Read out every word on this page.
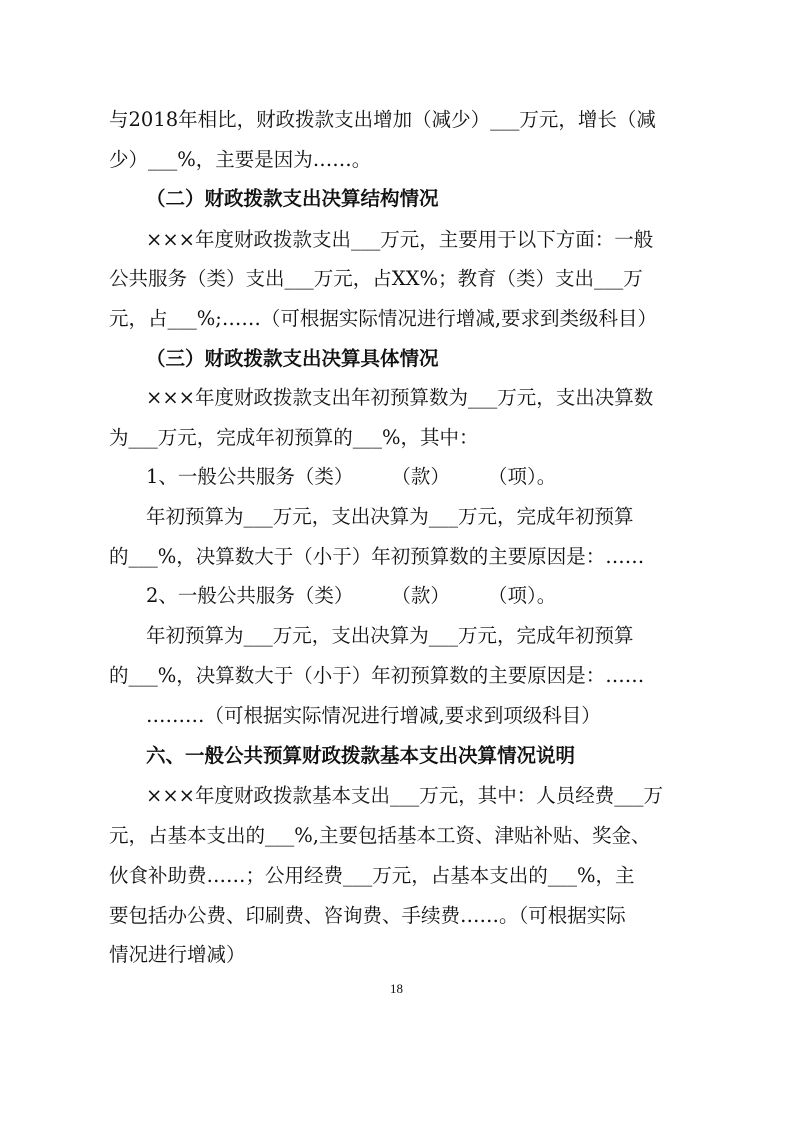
与2018年相比，财政拨款支出增加（减少）___万元，增长（减
少）___%，主要是因为……。
（二）财政拨款支出决算结构情况
×××年度财政拨款支出___万元，主要用于以下方面：一般
公共服务（类）支出___万元，占XX%；教育（类）支出___万
元，占___%;……（可根据实际情况进行增减,要求到类级科目）
（三）财政拨款支出决算具体情况
×××年度财政拨款支出年初预算数为___万元，支出决算数
为___万元，完成年初预算的___%，其中：
1、一般公共服务（类） （款） （项）。
年初预算为___万元，支出决算为___万元，完成年初预算
的___%，决算数大于（小于）年初预算数的主要原因是：……
2、一般公共服务（类） （款） （项）。
年初预算为___万元，支出决算为___万元，完成年初预算
的___%，决算数大于（小于）年初预算数的主要原因是：……
………（可根据实际情况进行增减,要求到项级科目）
六、一般公共预算财政拨款基本支出决算情况说明
×××年度财政拨款基本支出___万元，其中：人员经费___万
元，占基本支出的___%,主要包括基本工资、津贴补贴、奖金、
伙食补助费……；公用经费___万元，占基本支出的___%，主
要包括办公费、印刷费、咨询费、手续费……。（可根据实际
情况进行增减）
18
